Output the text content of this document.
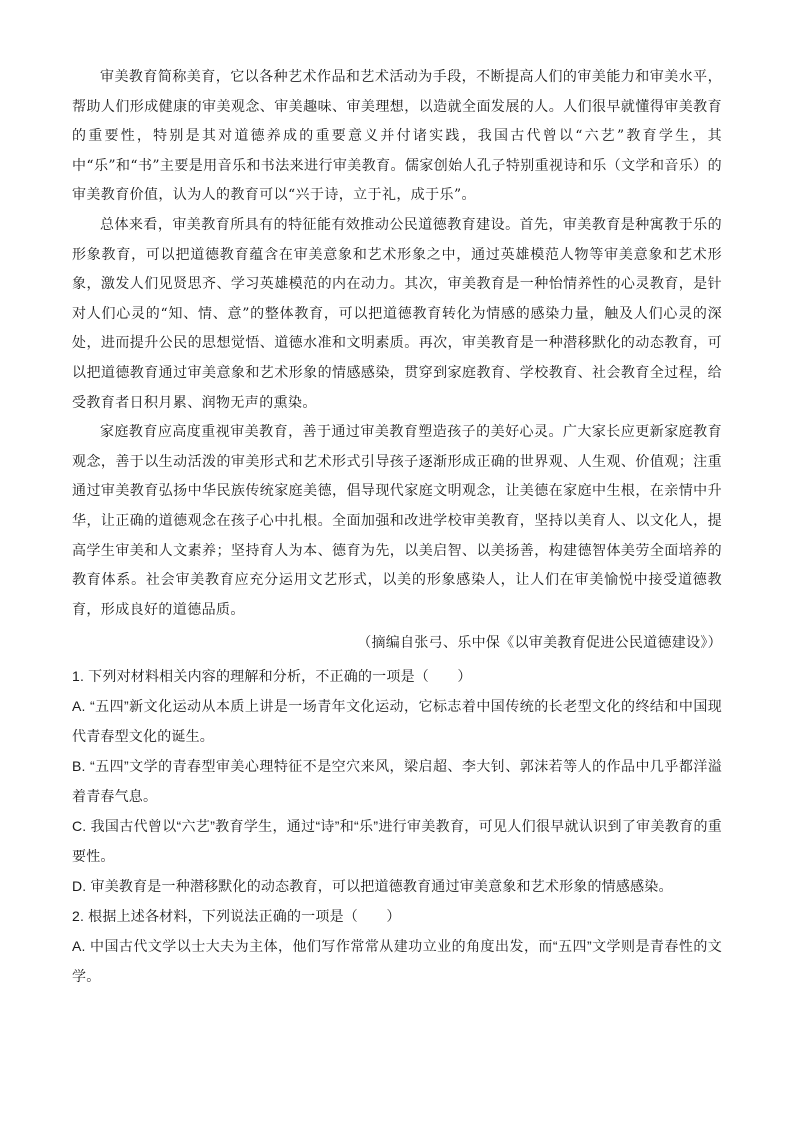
审美教育简称美育，它以各种艺术作品和艺术活动为手段，不断提高人们的审美能力和审美水平，帮助人们形成健康的审美观念、审美趣味、审美理想，以造就全面发展的人。人们很早就懂得审美教育的重要性，特别是其对道德养成的重要意义并付诸实践，我国古代曾以“六艺”教育学生，其中“乐”和“书”主要是用音乐和书法来进行审美教育。儒家创始人孔子特别重视诗和乐（文学和音乐）的审美教育价值，认为人的教育可以“兴于诗，立于礼，成于乐”。

总体来看，审美教育所具有的特征能有效推动公民道德教育建设。首先，审美教育是种寓教于乐的形象教育，可以把道德教育蕴含在审美意象和艺术形象之中，通过英雄模范人物等审美意象和艺术形象，激发人们见贤思齐、学习英雄模范的内在动力。其次，审美教育是一种怡情养性的心灵教育，是针对人们心灵的“知、情、意”的整体教育，可以把道德教育转化为情感的感染力量，触及人们心灵的深处，进而提升公民的思想觉悟、道德水准和文明素质。再次，审美教育是一种潜移默化的动态教育，可以把道德教育通过审美意象和艺术形象的情感感染，贯穿到家庭教育、学校教育、社会教育全过程，给受教育者日积月累、润物无声的熏染。

家庭教育应高度重视审美教育，善于通过审美教育塑造孩子的美好心灵。广大家长应更新家庭教育观念，善于以生动活泼的审美形式和艺术形式引导孩子逐渐形成正确的世界观、人生观、价值观；注重通过审美教育弘扬中华民族传统家庭美德，倡导现代家庭文明观念，让美德在家庭中生根，在亲情中升华，让正确的道德观念在孩子心中扎根。全面加强和改进学校审美教育，坚持以美育人、以文化人，提高学生审美和人文素养；坚持育人为本、德育为先，以美启智、以美扬善，构建德智体美劳全面培养的教育体系。社会审美教育应充分运用文艺形式，以美的形象感染人，让人们在审美愉悦中接受道德教育，形成良好的道德品质。

（摘编自张弓、乐中保《以审美教育促进公民道德建设》）

1. 下列对材料相关内容的理解和分析，不正确的一项是（　　）

A. “五四”新文化运动从本质上讲是一场青年文化运动，它标志着中国传统的长老型文化的终结和中国现代青春型文化的诞生。

B. “五四”文学的青春型审美心理特征不是空穴来风，梁启超、李大钊、郭沫若等人的作品中几乎都洋溢着青春气息。

C. 我国古代曾以“六艺”教育学生，通过“诗”和“乐”进行审美教育，可见人们很早就认识到了审美教育的重要性。

D. 审美教育是一种潜移默化的动态教育，可以把道德教育通过审美意象和艺术形象的情感感染。

2. 根据上述各材料，下列说法正确的一项是（　　）

A. 中国古代文学以士大夫为主体，他们写作常常从建功立业的角度出发，而“五四”文学则是青春性的文学。
